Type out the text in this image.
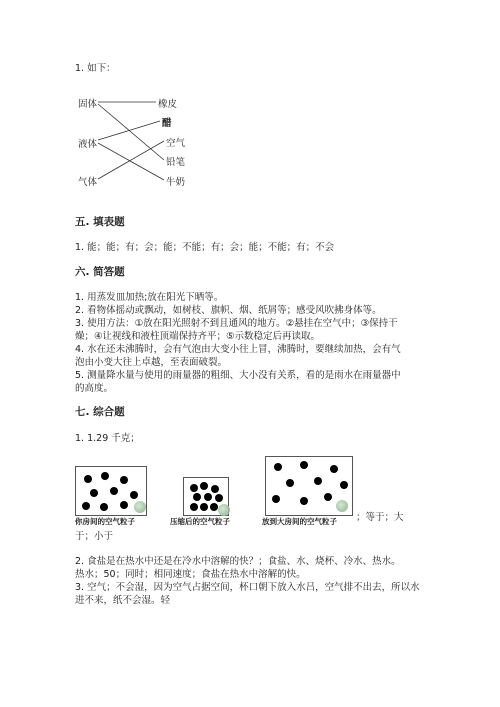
1. 如下：
固体
液体
气体
橡皮
醋
空气
铅笔
牛奶
五. 填表题
1. 能；能；有；会；能；不能；有；会；能；不能；有；不会
六. 简答题
1. 用蒸发皿加热;放在阳光下晒等。
2. 看物体摇动或飘动，如树枝、旗帜、烟、纸屑等；感受风吹拂身体等。
3. 使用方法：①放在阳光照射不到且通风的地方。②悬挂在空气中；③保持干
燥；④让视线和液柱顶端保持齐平；⑤示数稳定后再读取。
4. 水在还未沸腾时，会有气泡由大变小往上冒，沸腾时，要继续加热，会有气
泡由小变大往上卓越，至表面破裂。
5. 测量降水量与使用的雨量器的粗细、大小没有关系，看的是雨水在雨量器中
的高度。
七. 综合题
1. 1.29 千克；
你房间的空气粒子	压缩后的空气粒子	放到大房间的空气粒子 ；等于；大
于；小于
2. 食盐是在热水中还是在冷水中溶解的快？；食盐、水、烧杯、冷水、热水。
热水；50；同时；相同速度；食盐在热水中溶解的快。
3. 空气；不会湿，因为空气占据空间，杯口朝下放入水吕，空气排不出去，所以水
进不来，纸不会湿。轻
